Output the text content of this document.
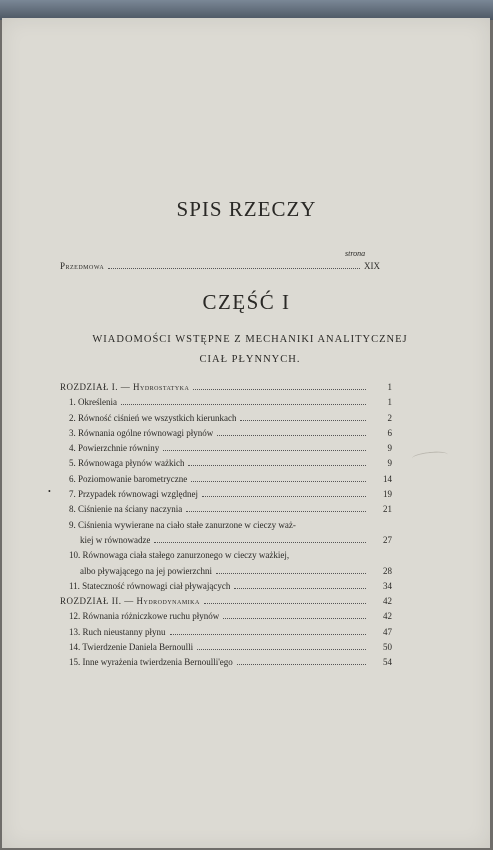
SPIS RZECZY
strona
Przedmowa	XIX
CZĘŚĆ I
WIADOMOŚCI WSTĘPNE Z MECHANIKI ANALITYCZNEJ
CIAŁ PŁYNNYCH.
•
ROZDZIAŁ I. — Hydrostatyka	1
1. Określenia	1
2. Równość ciśnień we wszystkich kierunkach	2
3. Równania ogólne równowagi płynów	6
4. Powierzchnie równiny	9
5. Równowaga płynów ważkich	9
6. Poziomowanie barometryczne	14
7. Przypadek równowagi względnej	19
8. Ciśnienie na ściany naczynia	21
9. Ciśnienia wywierane na ciało stałe zanurzone w cieczy waż-
kiej w równowadze	27
10. Równowaga ciała stałego zanurzonego w cieczy ważkiej,
albo pływającego na jej powierzchni	28
11. Stateczność równowagi ciał pływających	34
ROZDZIAŁ II. — Hydrodynamika	42
12. Równania różniczkowe ruchu płynów	42
13. Ruch nieustanny płynu	47
14. Twierdzenie Daniela Bernoulli	50
15. Inne wyrażenia twierdzenia Bernoulli'ego	54
